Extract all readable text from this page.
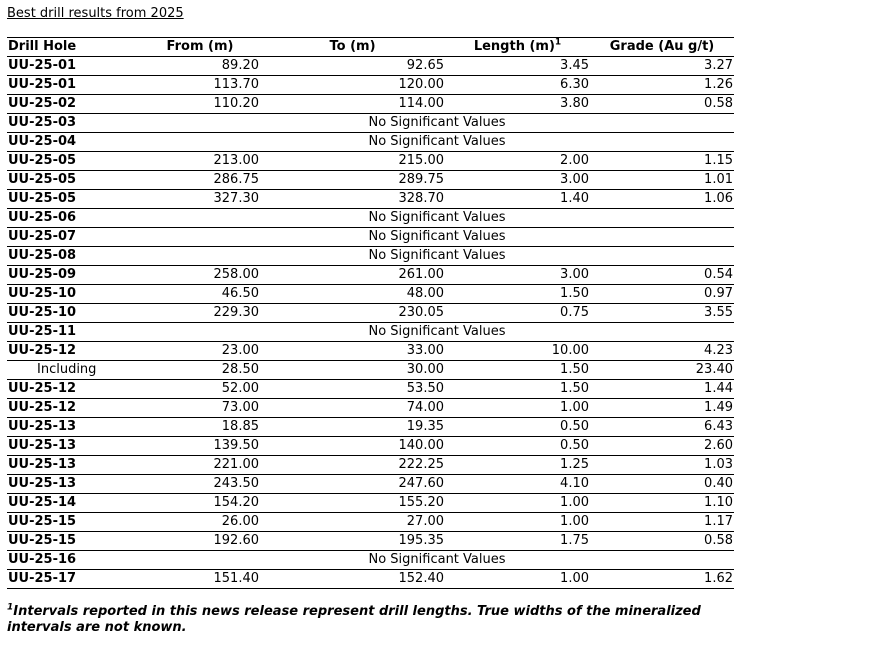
Best drill results from 2025
Drill Hole	From (m)	To (m)	Length (m)$^1$	Grade (Au g/t)
UU-25-01	89.20	92.65	3.45	3.27
UU-25-01	113.70	120.00	6.30	1.26
UU-25-02	110.20	114.00	3.80	0.58
UU-25-03	No Significant Values			
UU-25-04	No Significant Values			
UU-25-05	213.00	215.00	2.00	1.15
UU-25-05	286.75	289.75	3.00	1.01
UU-25-05	327.30	328.70	1.40	1.06
UU-25-06	No Significant Values			
UU-25-07	No Significant Values			
UU-25-08	No Significant Values			
UU-25-09	258.00	261.00	3.00	0.54
UU-25-10	46.50	48.00	1.50	0.97
UU-25-10	229.30	230.05	0.75	3.55
UU-25-11	No Significant Values			
UU-25-12	23.00	33.00	10.00	4.23
Including	28.50	30.00	1.50	23.40
UU-25-12	52.00	53.50	1.50	1.44
UU-25-12	73.00	74.00	1.00	1.49
UU-25-13	18.85	19.35	0.50	6.43
UU-25-13	139.50	140.00	0.50	2.60
UU-25-13	221.00	222.25	1.25	1.03
UU-25-13	243.50	247.60	4.10	0.40
UU-25-14	154.20	155.20	1.00	1.10
UU-25-15	26.00	27.00	1.00	1.17
UU-25-15	192.60	195.35	1.75	0.58
UU-25-16	No Significant Values			
UU-25-17	151.40	152.40	1.00	1.62
$^1$Intervals reported in this news release represent drill lengths. True widths of the mineralized intervals are not known.
